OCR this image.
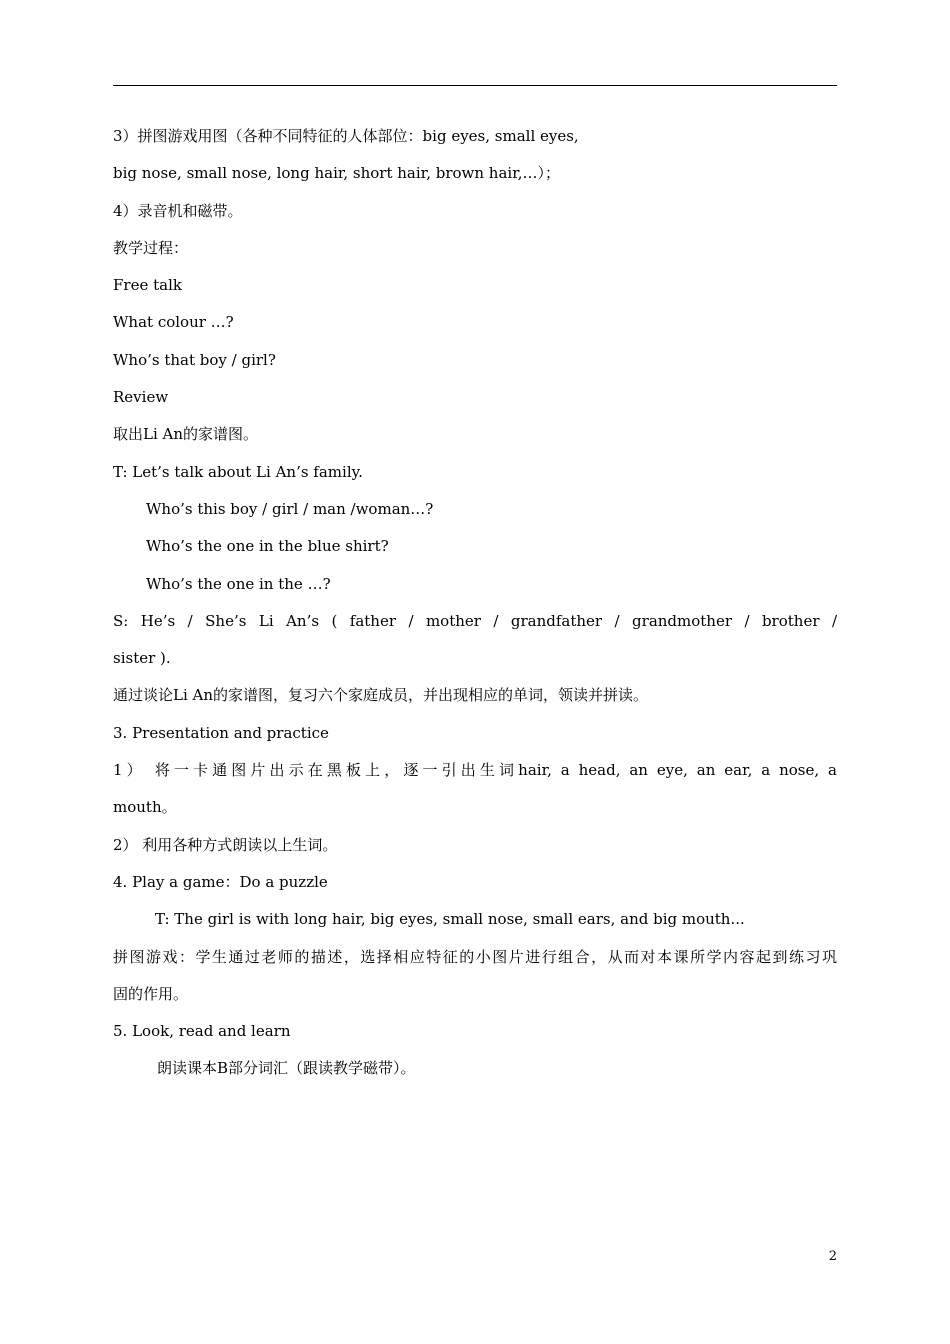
3）拼图游戏用图（各种不同特征的人体部位：big eyes, small eyes,
big nose, small nose, long hair, short hair, brown hair,…）；
4）录音机和磁带。
教学过程：
Free talk
What colour …?
Who’s that boy / girl?
Review
取出Li An的家谱图。
T: Let’s talk about Li An’s family.
Who’s this boy / girl / man /woman…?
Who’s the one in the blue shirt?
Who’s the one in the …?
S: He’s / She’s Li An’s ( father / mother / grandfather / grandmother / brother /
sister ).
通过谈论Li An的家谱图，复习六个家庭成员，并出现相应的单词，领读并拼读。
3. Presentation and practice
1） 将一卡通图片出示在黑板上，逐一引出生词hair, a head, an eye, an ear, a nose, a
mouth。
2） 利用各种方式朗读以上生词。
4. Play a game：Do a puzzle
T: The girl is with long hair, big eyes, small nose, small ears, and big mouth...
拼图游戏：学生通过老师的描述，选择相应特征的小图片进行组合，从而对本课所学内容起到练习巩
固的作用。
5. Look, read and learn
朗读课本B部分词汇（跟读教学磁带）。
2
